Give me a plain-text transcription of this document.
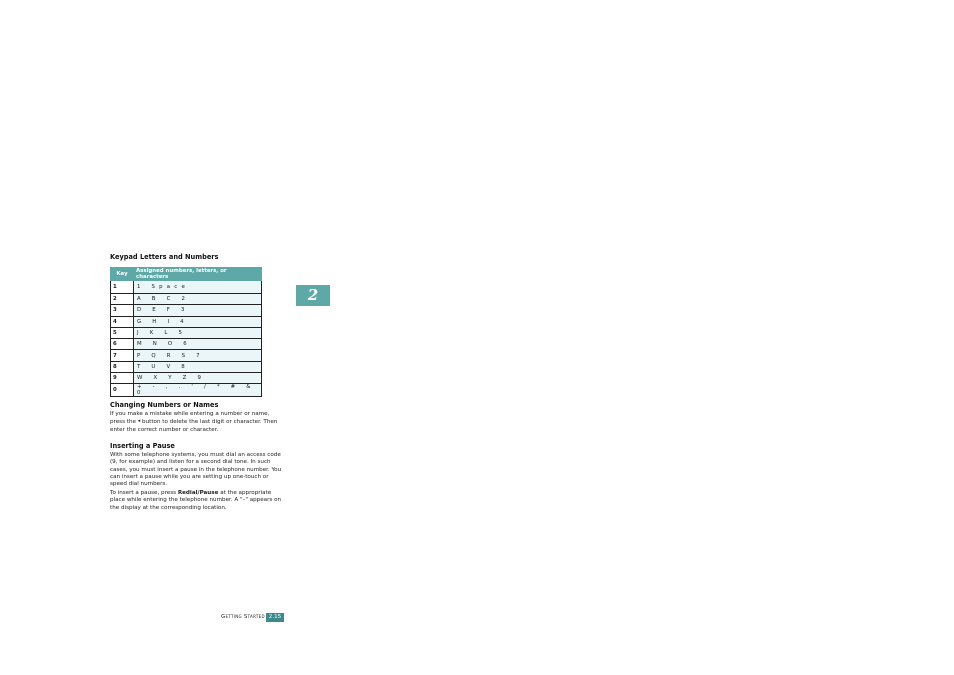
Keypad Letters and Numbers
Key	Assigned numbers, letters, or characters
1	1 Space
2	A B C 2
3	D E F 3
4	G H I 4
5	J K L 5
6	M N O 6
7	P Q R S 7
8	T U V 8
9	W X Y Z 9
0	+ - , . ' / * # & 0
Changing Numbers or Names
If you make a mistake while entering a number or name, press the ◂ button to delete the last digit or character. Then enter the correct number or character.
Inserting a Pause
With some telephone systems, you must dial an access code (9, for example) and listen for a second dial tone. In such cases, you must insert a pause in the telephone number. You can insert a pause while you are setting up one-touch or speed dial numbers.
To insert a pause, press Redial/Pause at the appropriate place while entering the telephone number. A "–" appears on the display at the corresponding location.
2
Getting Started 2.15
